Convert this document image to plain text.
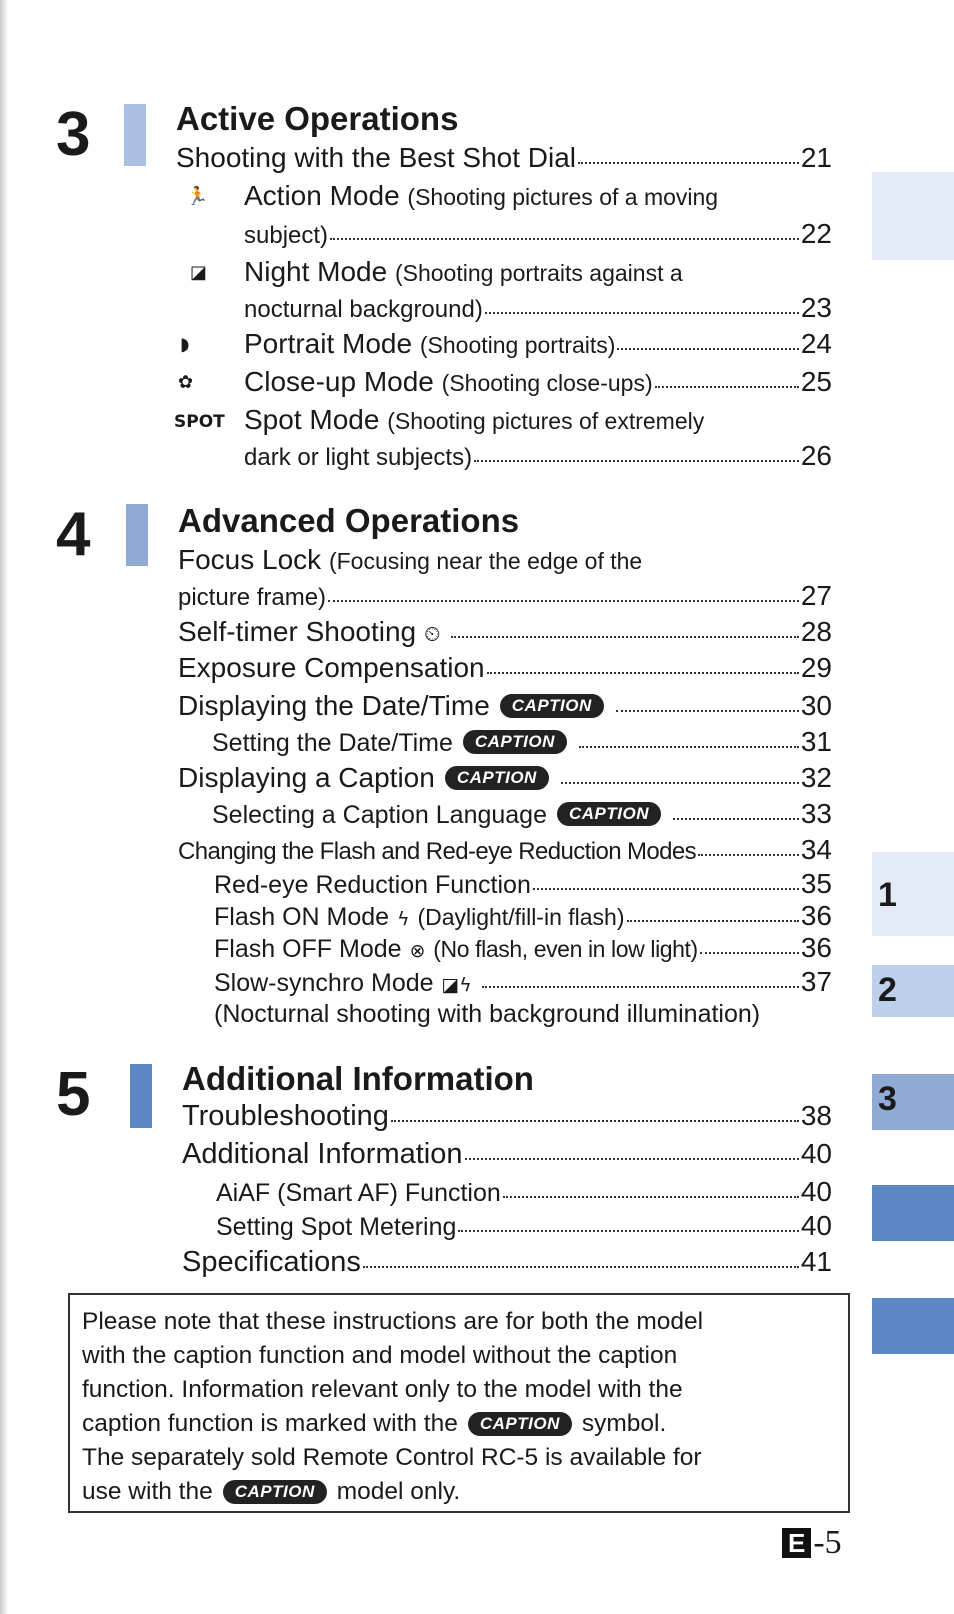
1
2
3
3	Active Operations
Shooting with the Best Shot Dial	21
🏃 Action Mode (Shooting pictures of a moving
subject)	22
◪ Night Mode (Shooting portraits against a
nocturnal background)	23
◗ Portrait Mode (Shooting portraits)	24
✿ Close-up Mode (Shooting close-ups)	25
SPOT Spot Mode (Shooting pictures of extremely
dark or light subjects)	26
4	Advanced Operations
Focus Lock (Focusing near the edge of the
picture frame)	27
Self-timer Shooting ⏲	28
Exposure Compensation	29
Displaying the Date/Time CAPTION	30
Setting the Date/Time CAPTION	31
Displaying a Caption CAPTION	32
Selecting a Caption Language CAPTION	33
Changing the Flash and Red-eye Reduction Modes	34
Red-eye Reduction Function	35
Flash ON Mode ϟ (Daylight/fill-in flash)	36
Flash OFF Mode ⊗ (No flash, even in low light)	36
Slow-synchro Mode ◪ϟ	37
(Nocturnal shooting with background illumination)
5	Additional Information
Troubleshooting	38
Additional Information	40
AiAF (Smart AF) Function	40
Setting Spot Metering	40
Specifications	41
Please note that these instructions are for both the model
with the caption function and model without the caption
function. Information relevant only to the model with the
caption function is marked with the CAPTION symbol.
The separately sold Remote Control RC-5 is available for
use with the CAPTION model only.
E -5
